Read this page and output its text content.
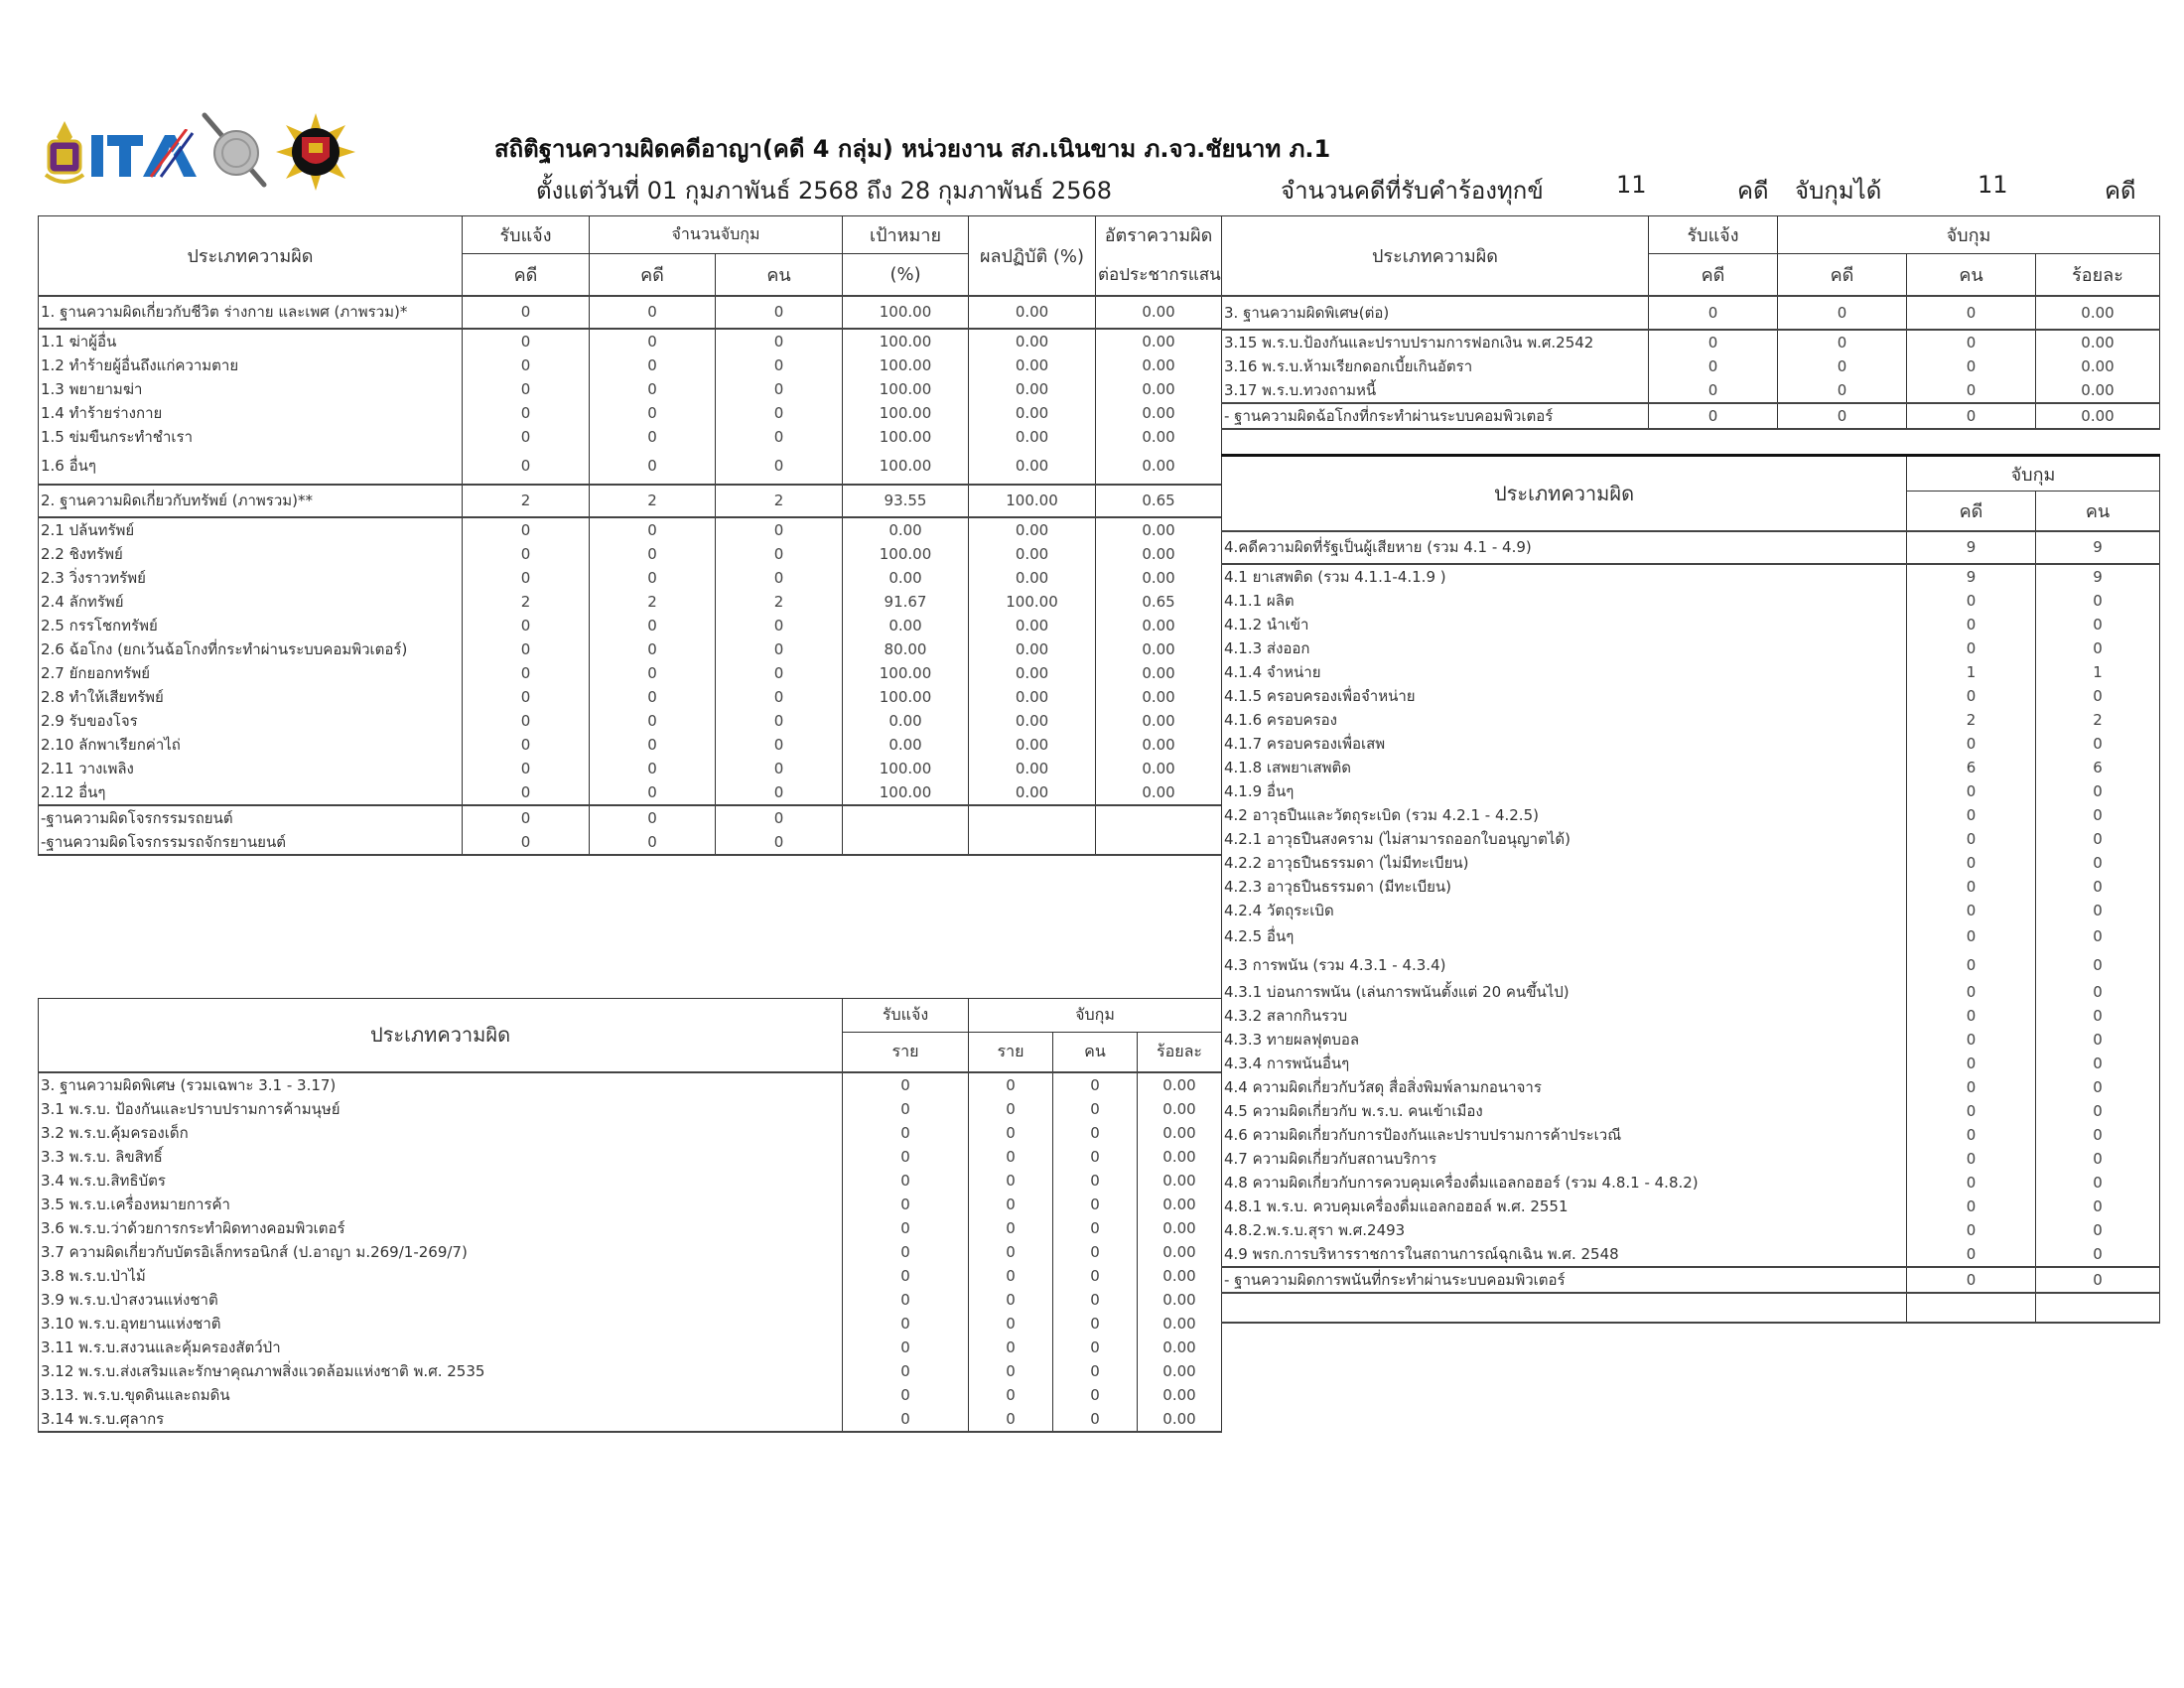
สถิติฐานความผิดคดีอาญา(คดี 4 กลุ่ม) หน่วยงาน สภ.เนินขาม ภ.จว.ชัยนาท ภ.1
ตั้งแต่วันที่ 01 กุมภาพันธ์ 2568 ถึง 28 กุมภาพันธ์ 2568	จำนวนคดีที่รับคำร้องทุกข์	11	คดี จับกุมได้	11	คดี
ประเภทความผิด	รับแจ้ง	จำนวนจับกุม		เป้าหมาย	ผลปฏิบัติ (%)	อัตราความผิด
	คดี	คดี	คน	(%)		ต่อประชากรแสน
1. ฐานความผิดเกี่ยวกับชีวิต ร่างกาย และเพศ (ภาพรวม)*	0	0	0	100.00	0.00	0.00
1.1 ฆ่าผู้อื่น	0	0	0	100.00	0.00	0.00
1.2 ทำร้ายผู้อื่นถึงแก่ความตาย	0	0	0	100.00	0.00	0.00
1.3 พยายามฆ่า	0	0	0	100.00	0.00	0.00
1.4 ทำร้ายร่างกาย	0	0	0	100.00	0.00	0.00
1.5 ข่มขืนกระทำชำเรา	0	0	0	100.00	0.00	0.00
1.6 อื่นๆ	0	0	0	100.00	0.00	0.00
2. ฐานความผิดเกี่ยวกับทรัพย์ (ภาพรวม)**	2	2	2	93.55	100.00	0.65
2.1 ปล้นทรัพย์	0	0	0	0.00	0.00	0.00
2.2 ชิงทรัพย์	0	0	0	100.00	0.00	0.00
2.3 วิ่งราวทรัพย์	0	0	0	0.00	0.00	0.00
2.4 ลักทรัพย์	2	2	2	91.67	100.00	0.65
2.5 กรรโชกทรัพย์	0	0	0	0.00	0.00	0.00
2.6 ฉ้อโกง (ยกเว้นฉ้อโกงที่กระทำผ่านระบบคอมพิวเตอร์)	0	0	0	80.00	0.00	0.00
2.7 ยักยอกทรัพย์	0	0	0	100.00	0.00	0.00
2.8 ทำให้เสียทรัพย์	0	0	0	100.00	0.00	0.00
2.9 รับของโจร	0	0	0	0.00	0.00	0.00
2.10 ลักพาเรียกค่าไถ่	0	0	0	0.00	0.00	0.00
2.11 วางเพลิง	0	0	0	100.00	0.00	0.00
2.12 อื่นๆ	0	0	0	100.00	0.00	0.00
-ฐานความผิดโจรกรรมรถยนต์	0	0	0			
-ฐานความผิดโจรกรรมรถจักรยานยนต์	0	0	0			
ประเภทความผิด	รับแจ้ง	จับกุม		
	ราย	ราย	คน	ร้อยละ
3. ฐานความผิดพิเศษ (รวมเฉพาะ 3.1 - 3.17)	0	0	0	0.00
3.1 พ.ร.บ. ป้องกันและปราบปรามการค้ามนุษย์	0	0	0	0.00
3.2 พ.ร.บ.คุ้มครองเด็ก	0	0	0	0.00
3.3 พ.ร.บ. ลิขสิทธิ์	0	0	0	0.00
3.4 พ.ร.บ.สิทธิบัตร	0	0	0	0.00
3.5 พ.ร.บ.เครื่องหมายการค้า	0	0	0	0.00
3.6 พ.ร.บ.ว่าด้วยการกระทำผิดทางคอมพิวเตอร์	0	0	0	0.00
3.7 ความผิดเกี่ยวกับบัตรอิเล็กทรอนิกส์ (ป.อาญา ม.269/1-269/7)	0	0	0	0.00
3.8 พ.ร.บ.ป่าไม้	0	0	0	0.00
3.9 พ.ร.บ.ป่าสงวนแห่งชาติ	0	0	0	0.00
3.10 พ.ร.บ.อุทยานแห่งชาติ	0	0	0	0.00
3.11 พ.ร.บ.สงวนและคุ้มครองสัตว์ป่า	0	0	0	0.00
3.12 พ.ร.บ.ส่งเสริมและรักษาคุณภาพสิ่งแวดล้อมแห่งชาติ พ.ศ. 2535	0	0	0	0.00
3.13. พ.ร.บ.ขุดดินและถมดิน	0	0	0	0.00
3.14 พ.ร.บ.ศุลากร	0	0	0	0.00
ประเภทความผิด	รับแจ้ง	จับกุม		
	คดี	คดี	คน	ร้อยละ
3. ฐานความผิดพิเศษ(ต่อ)	0	0	0	0.00
3.15 พ.ร.บ.ป้องกันและปราบปรามการฟอกเงิน พ.ศ.2542	0	0	0	0.00
3.16 พ.ร.บ.ห้ามเรียกดอกเบี้ยเกินอัตรา	0	0	0	0.00
3.17 พ.ร.บ.ทวงถามหนี้	0	0	0	0.00
- ฐานความผิดฉ้อโกงที่กระทำผ่านระบบคอมพิวเตอร์	0	0	0	0.00
ประเภทความผิด	จับกุม	
	คดี	คน
4.คดีความผิดที่รัฐเป็นผู้เสียหาย (รวม 4.1 - 4.9)	9	9
4.1 ยาเสพติด (รวม 4.1.1-4.1.9 )	9	9
4.1.1 ผลิต	0	0
4.1.2 นำเข้า	0	0
4.1.3 ส่งออก	0	0
4.1.4 จำหน่าย	1	1
4.1.5 ครอบครองเพื่อจำหน่าย	0	0
4.1.6 ครอบครอง	2	2
4.1.7 ครอบครองเพื่อเสพ	0	0
4.1.8 เสพยาเสพติด	6	6
4.1.9 อื่นๆ	0	0
4.2 อาวุธปืนและวัตถุระเบิด (รวม 4.2.1 - 4.2.5)	0	0
4.2.1 อาวุธปืนสงคราม (ไม่สามารถออกใบอนุญาตได้)	0	0
4.2.2 อาวุธปืนธรรมดา (ไม่มีทะเบียน)	0	0
4.2.3 อาวุธปืนธรรมดา (มีทะเบียน)	0	0
4.2.4 วัตถุระเบิด	0	0
4.2.5 อื่นๆ	0	0
4.3 การพนัน (รวม 4.3.1 - 4.3.4)	0	0
4.3.1 บ่อนการพนัน (เล่นการพนันตั้งแต่ 20 คนขึ้นไป)	0	0
4.3.2 สลากกินรวบ	0	0
4.3.3 ทายผลฟุตบอล	0	0
4.3.4 การพนันอื่นๆ	0	0
4.4 ความผิดเกี่ยวกับวัสดุ สื่อสิ่งพิมพ์ลามกอนาจาร	0	0
4.5 ความผิดเกี่ยวกับ พ.ร.บ. คนเข้าเมือง	0	0
4.6 ความผิดเกี่ยวกับการป้องกันและปราบปรามการค้าประเวณี	0	0
4.7 ความผิดเกี่ยวกับสถานบริการ	0	0
4.8 ความผิดเกี่ยวกับการควบคุมเครื่องดื่มแอลกอฮอร์ (รวม 4.8.1 - 4.8.2)	0	0
4.8.1 พ.ร.บ. ควบคุมเครื่องดื่มแอลกอฮอล์ พ.ศ. 2551	0	0
4.8.2.พ.ร.บ.สุรา พ.ศ.2493	0	0
4.9 พรก.การบริหารราชการในสถานการณ์ฉุกเฉิน พ.ศ. 2548	0	0
- ฐานความผิดการพนันที่กระทำผ่านระบบคอมพิวเตอร์	0	0
